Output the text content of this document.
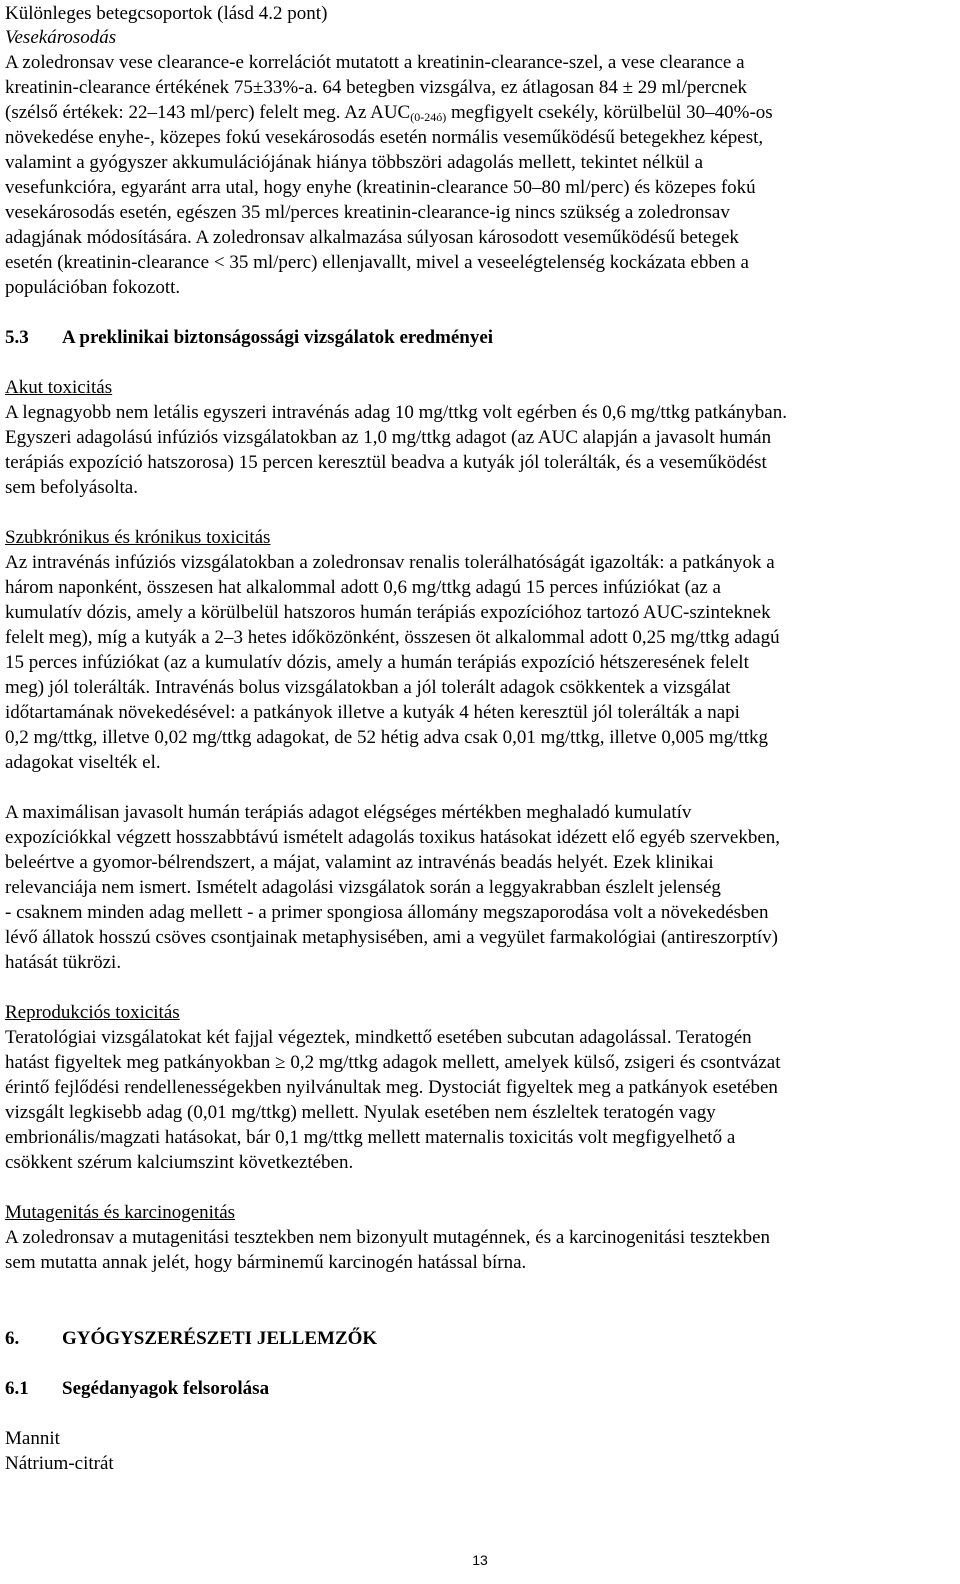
Különleges betegcsoportok (lásd 4.2 pont)
Vesekárosodás
A zoledronsav vese clearance-e korrelációt mutatott a kreatinin-clearance-szel, a vese clearance a
kreatinin-clearance értékének 75±33%-a. 64 betegben vizsgálva, ez átlagosan 84 ± 29 ml/percnek
(szélső értékek: 22–143 ml/perc) felelt meg. Az $AUC_{(0-24ó)}$ megfigyelt csekély, körülbelül 30–40%-os
növekedése enyhe-, közepes fokú vesekárosodás esetén normális veseműködésű betegekhez képest,
valamint a gyógyszer akkumulációjának hiánya többszöri adagolás mellett, tekintet nélkül a
vesefunkcióra, egyaránt arra utal, hogy enyhe (kreatinin-clearance 50–80 ml/perc) és közepes fokú
vesekárosodás esetén, egészen 35 ml/perces kreatinin-clearance-ig nincs szükség a zoledronsav
adagjának módosítására. A zoledronsav alkalmazása súlyosan károsodott veseműködésű betegek
esetén (kreatinin-clearance < 35 ml/perc) ellenjavallt, mivel a veseelégtelenség kockázata ebben a
populációban fokozott.
5.3 A preklinikai biztonságossági vizsgálatok eredményei
Akut toxicitás
A legnagyobb nem letális egyszeri intravénás adag 10 mg/ttkg volt egérben és 0,6 mg/ttkg patkányban.
Egyszeri adagolású infúziós vizsgálatokban az 1,0 mg/ttkg adagot (az AUC alapján a javasolt humán
terápiás expozíció hatszorosa) 15 percen keresztül beadva a kutyák jól tolerálták, és a veseműködést
sem befolyásolta.
Szubkrónikus és krónikus toxicitás
Az intravénás infúziós vizsgálatokban a zoledronsav renalis tolerálhatóságát igazolták: a patkányok a
három naponként, összesen hat alkalommal adott 0,6 mg/ttkg adagú 15 perces infúziókat (az a
kumulatív dózis, amely a körülbelül hatszoros humán terápiás expozícióhoz tartozó AUC-szinteknek
felelt meg), míg a kutyák a 2–3 hetes időközönként, összesen öt alkalommal adott 0,25 mg/ttkg adagú
15 perces infúziókat (az a kumulatív dózis, amely a humán terápiás expozíció hétszeresének felelt
meg) jól tolerálták. Intravénás bolus vizsgálatokban a jól tolerált adagok csökkentek a vizsgálat
időtartamának növekedésével: a patkányok illetve a kutyák 4 héten keresztül jól tolerálták a napi
0,2 mg/ttkg, illetve 0,02 mg/ttkg adagokat, de 52 hétig adva csak 0,01 mg/ttkg, illetve 0,005 mg/ttkg
adagokat viselték el.
A maximálisan javasolt humán terápiás adagot elégséges mértékben meghaladó kumulatív
expozíciókkal végzett hosszabbtávú ismételt adagolás toxikus hatásokat idézett elő egyéb szervekben,
beleértve a gyomor-bélrendszert, a májat, valamint az intravénás beadás helyét. Ezek klinikai
relevanciája nem ismert. Ismételt adagolási vizsgálatok során a leggyakrabban észlelt jelenség
- csaknem minden adag mellett - a primer spongiosa állomány megszaporodása volt a növekedésben
lévő állatok hosszú csöves csontjainak metaphysisében, ami a vegyület farmakológiai (antireszorptív)
hatását tükrözi.
Reprodukciós toxicitás
Teratológiai vizsgálatokat két fajjal végeztek, mindkettő esetében subcutan adagolással. Teratogén
hatást figyeltek meg patkányokban ≥ 0,2 mg/ttkg adagok mellett, amelyek külső, zsigeri és csontvázat
érintő fejlődési rendellenességekben nyilvánultak meg. Dystociát figyeltek meg a patkányok esetében
vizsgált legkisebb adag (0,01 mg/ttkg) mellett. Nyulak esetében nem észleltek teratogén vagy
embrionális/magzati hatásokat, bár 0,1 mg/ttkg mellett maternalis toxicitás volt megfigyelhető a
csökkent szérum kalciumszint következtében.
Mutagenitás és karcinogenitás
A zoledronsav a mutagenitási tesztekben nem bizonyult mutagénnek, és a karcinogenitási tesztekben
sem mutatta annak jelét, hogy bárminemű karcinogén hatással bírna.
6. GYÓGYSZERÉSZETI JELLEMZŐK
6.1 Segédanyagok felsorolása
Mannit
Nátrium-citrát
13
